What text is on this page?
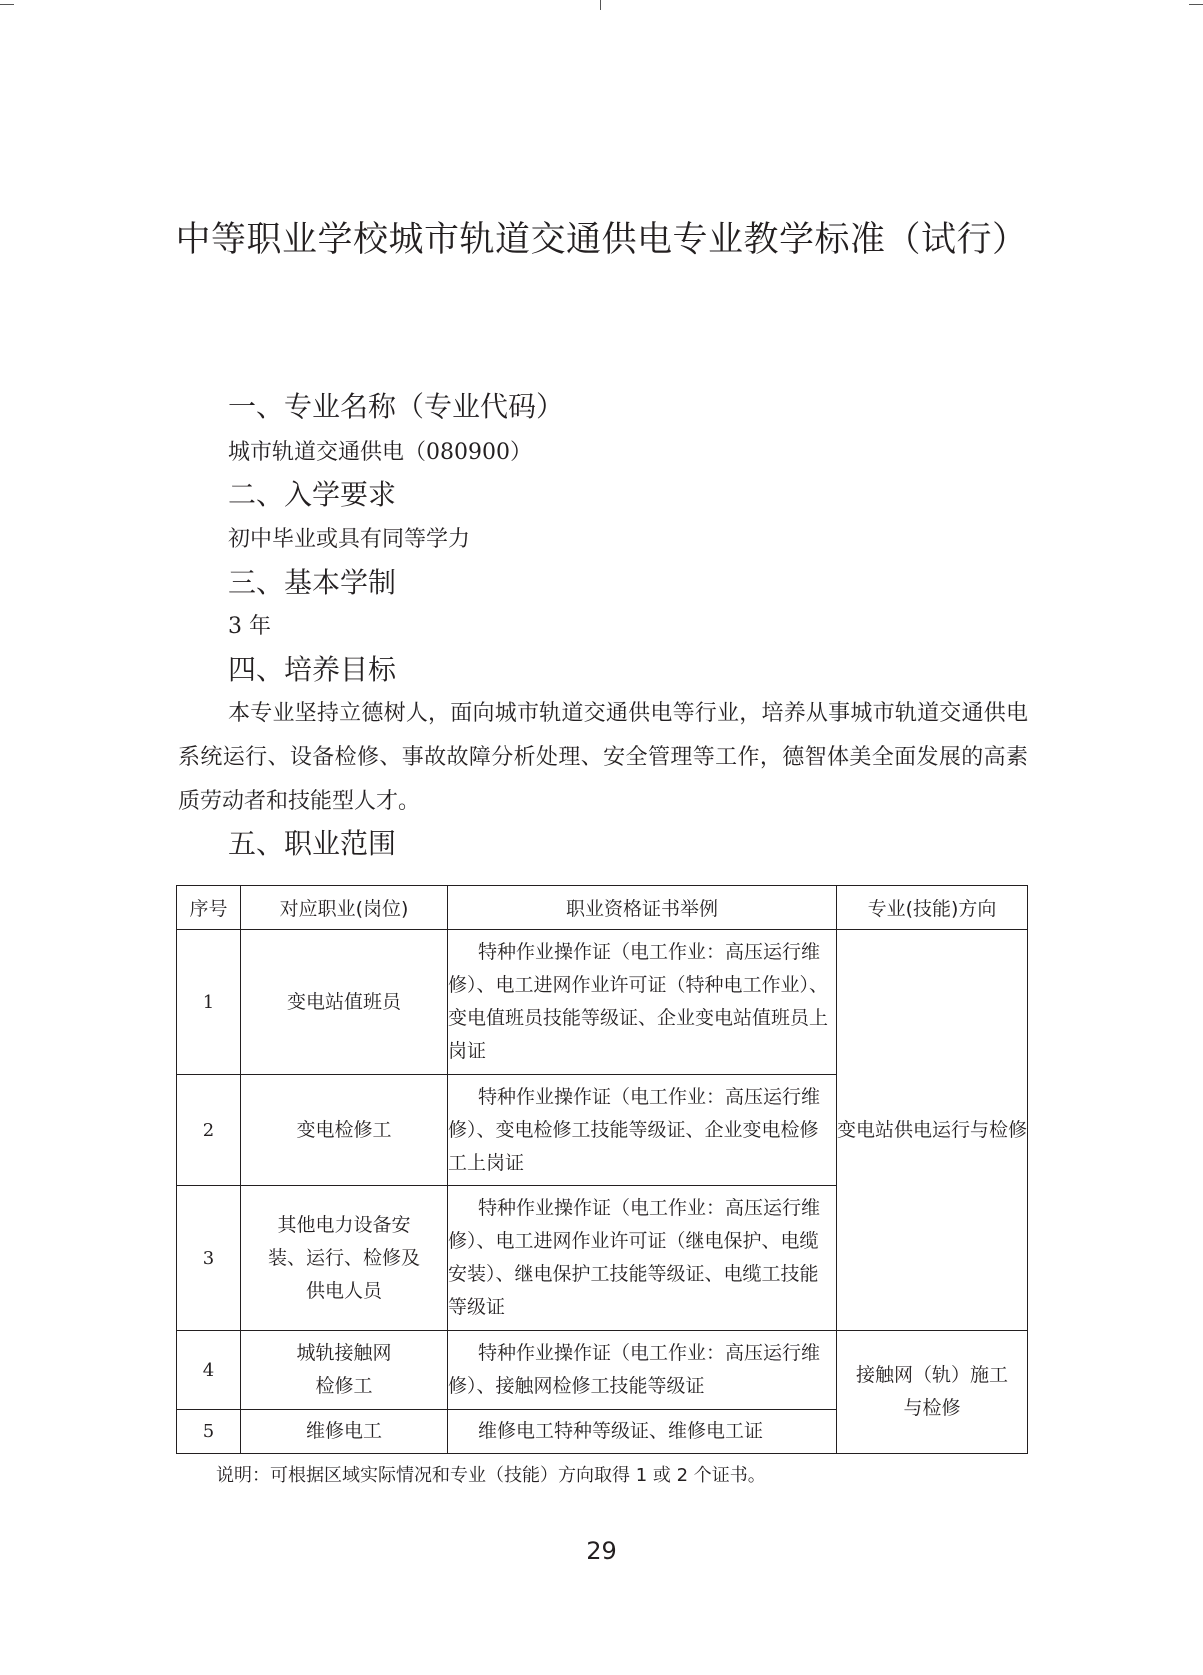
中等职业学校城市轨道交通供电专业教学标准（试行）
一、专业名称（专业代码）
城市轨道交通供电（080900）
二、入学要求
初中毕业或具有同等学力
三、基本学制
3 年
四、培养目标
本专业坚持立德树人，面向城市轨道交通供电等行业，培养从事城市轨道交通供电系统运行、设备检修、事故故障分析处理、安全管理等工作，德智体美全面发展的高素质劳动者和技能型人才。
五、职业范围
序号	对应职业(岗位)	职业资格证书举例	专业(技能)方向
1	变电站值班员	特种作业操作证（电工作业：高压运行维修）、电工进网作业许可证（特种电工作业）、变电值班员技能等级证、企业变电站值班员上岗证	变电站供电运行与检修
2	变电检修工	特种作业操作证（电工作业：高压运行维修）、变电检修工技能等级证、企业变电检修工上岗证	
3	其他电力设备安装、运行、检修及供电人员	特种作业操作证（电工作业：高压运行维修）、电工进网作业许可证（继电保护、电缆安装）、继电保护工技能等级证、电缆工技能等级证	
4	城轨接触网检修工	特种作业操作证（电工作业：高压运行维修）、接触网检修工技能等级证	接触网（轨）施工与检修
5	维修电工	维修电工特种等级证、维修电工证	
说明：可根据区域实际情况和专业（技能）方向取得 1 或 2 个证书。
29
